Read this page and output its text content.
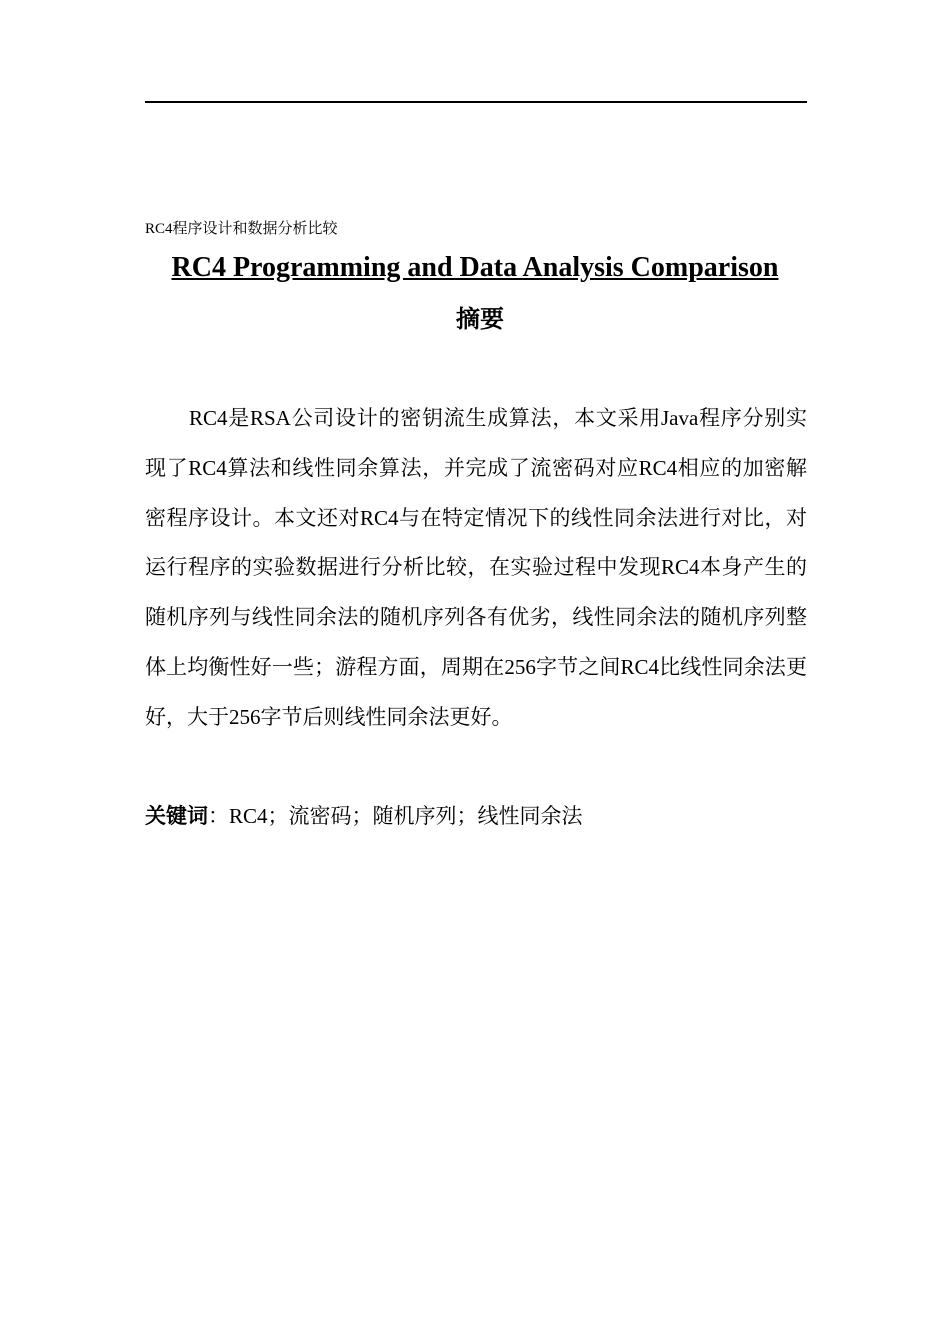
RC4程序设计和数据分析比较
RC4 Programming and Data Analysis Comparison
摘要

RC4是RSA公司设计的密钥流生成算法，本文采用Java程序分别实现了RC4算法和线性同余算法，并完成了流密码对应RC4相应的加密解密程序设计。本文还对RC4与在特定情况下的线性同余法进行对比，对运行程序的实验数据进行分析比较，在实验过程中发现RC4本身产生的随机序列与线性同余法的随机序列各有优劣，线性同余法的随机序列整体上均衡性好一些；游程方面，周期在256字节之间RC4比线性同余法更好，大于256字节后则线性同余法更好。

关键词：RC4；流密码；随机序列；线性同余法
